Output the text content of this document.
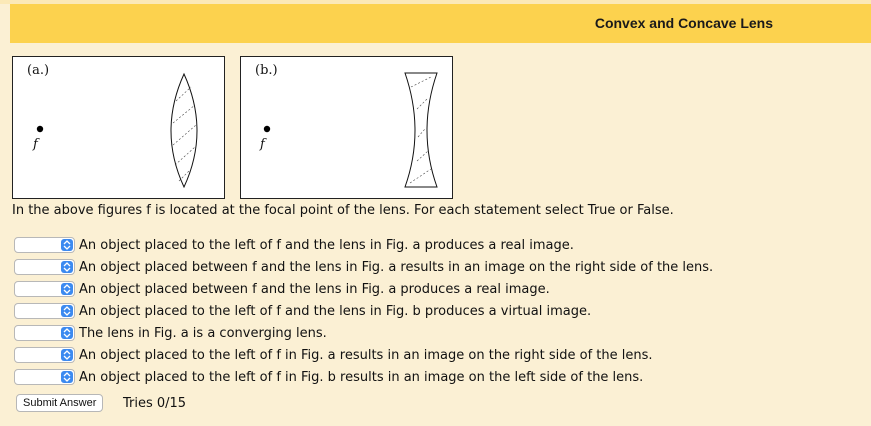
Convex and Concave Lens
(a.)
f
(b.)
f
In the above figures f is located at the focal point of the lens. For each statement select True or False.
An object placed to the left of f and the lens in Fig. a produces a real image.
An object placed between f and the lens in Fig. a results in an image on the right side of the lens.
An object placed between f and the lens in Fig. a produces a real image.
An object placed to the left of f and the lens in Fig. b produces a virtual image.
The lens in Fig. a is a converging lens.
An object placed to the left of f in Fig. a results in an image on the right side of the lens.
An object placed to the left of f in Fig. b results in an image on the left side of the lens.
Submit Answer	Tries 0/15
